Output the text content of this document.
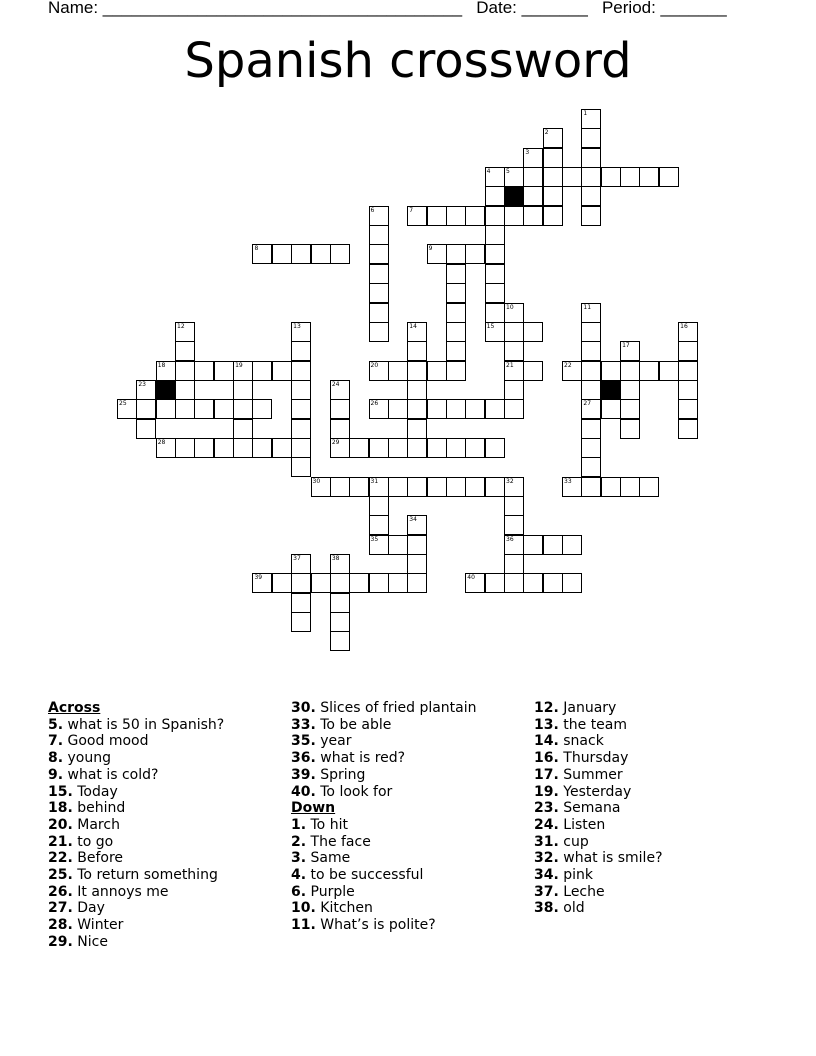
Name: ______________________________________ Date: _______ Period: _______
Spanish crossword
1
2
3
4
15
5
6	7
8	9
10
21
11
27
12	13	14	16
17
18	19	20	22
23	24
25	26
28	29
30	31	32	33
35	36
34
37	38
39	40
Across
5. what is 50 in Spanish?
7. Good mood
8. young
9. what is cold?
15. Today
18. behind
20. March
21. to go
22. Before
25. To return something
26. It annoys me
27. Day
28. Winter
29. Nice
30. Slices of fried plantain
33. To be able
35. year
36. what is red?
39. Spring
40. To look for
Down
1. To hit
2. The face
3. Same
4. to be successful
6. Purple
10. Kitchen
11. What’s is polite?
12. January
13. the team
14. snack
16. Thursday
17. Summer
19. Yesterday
23. Semana
24. Listen
31. cup
32. what is smile?
34. pink
37. Leche
38. old
